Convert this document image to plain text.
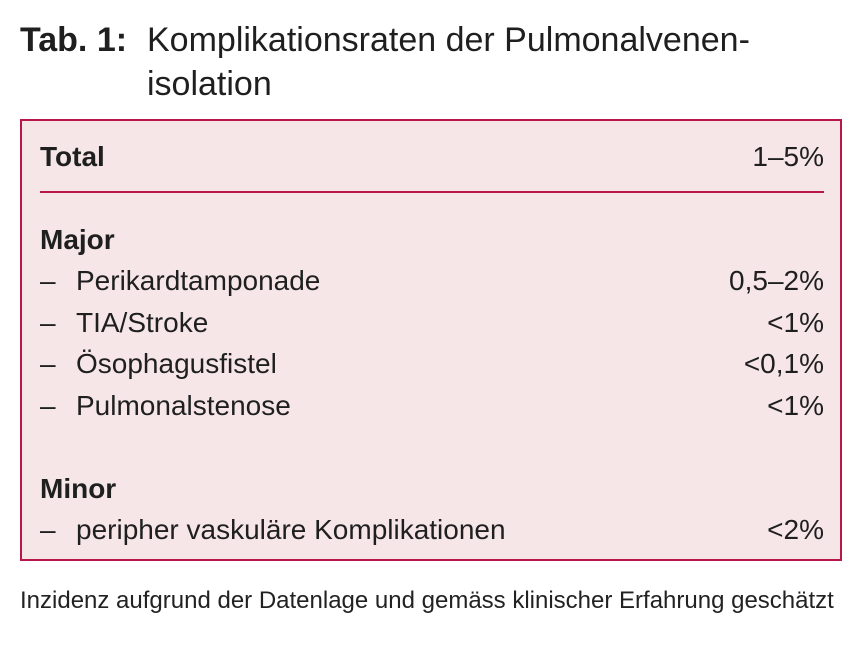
Tab. 1: Komplikationsraten der Pulmonalvenen-
isolation
Total	1–5%
Major
– Perikardtamponade	0,5–2%
– TIA/Stroke	<1%
– Ösophagusfistel	<0,1%
– Pulmonalstenose	<1%
Minor
– peripher vaskuläre Komplikationen	<2%
Inzidenz aufgrund der Datenlage und gemäss klinischer Erfahrung geschätzt
